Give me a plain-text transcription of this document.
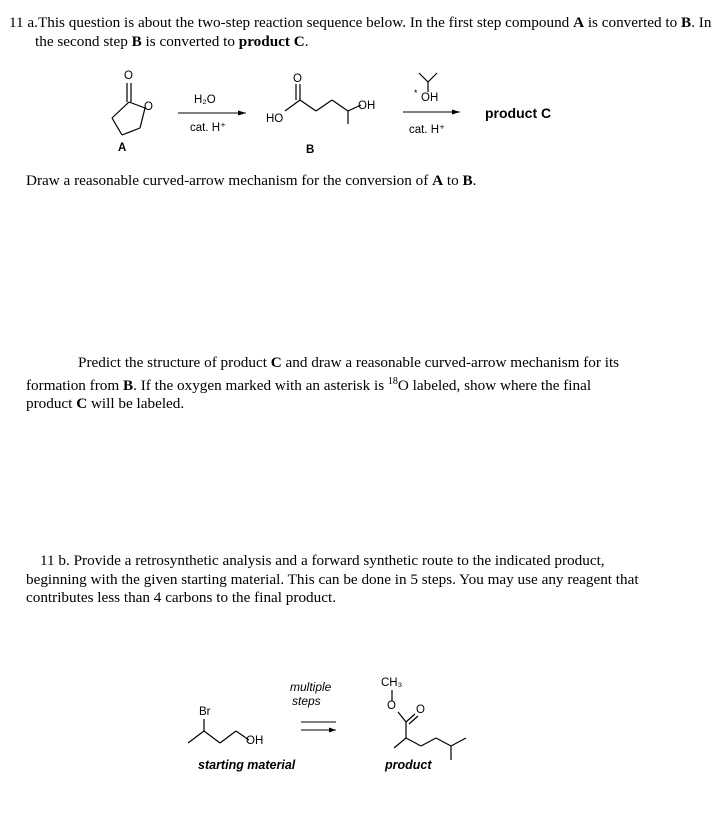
11 a.This question is about the two-step reaction sequence below. In the first step compound A is converted to B. In the second step B is converted to product C.

O
O
A
H₂O
cat. H⁺
O
HO
OH
B
* OH
cat. H⁺
product C

Draw a reasonable curved-arrow mechanism for the conversion of A to B.

Predict the structure of product C and draw a reasonable curved-arrow mechanism for its formation from B. If the oxygen marked with an asterisk is $^{18}$O labeled, show where the final product C will be labeled.

11 b. Provide a retrosynthetic analysis and a forward synthetic route to the indicated product, beginning with the given starting material. This can be done in 5 steps. You may use any reagent that contributes less than 4 carbons to the final product.

Br
OH
multiple
steps
CH₃
O O
starting material	product
